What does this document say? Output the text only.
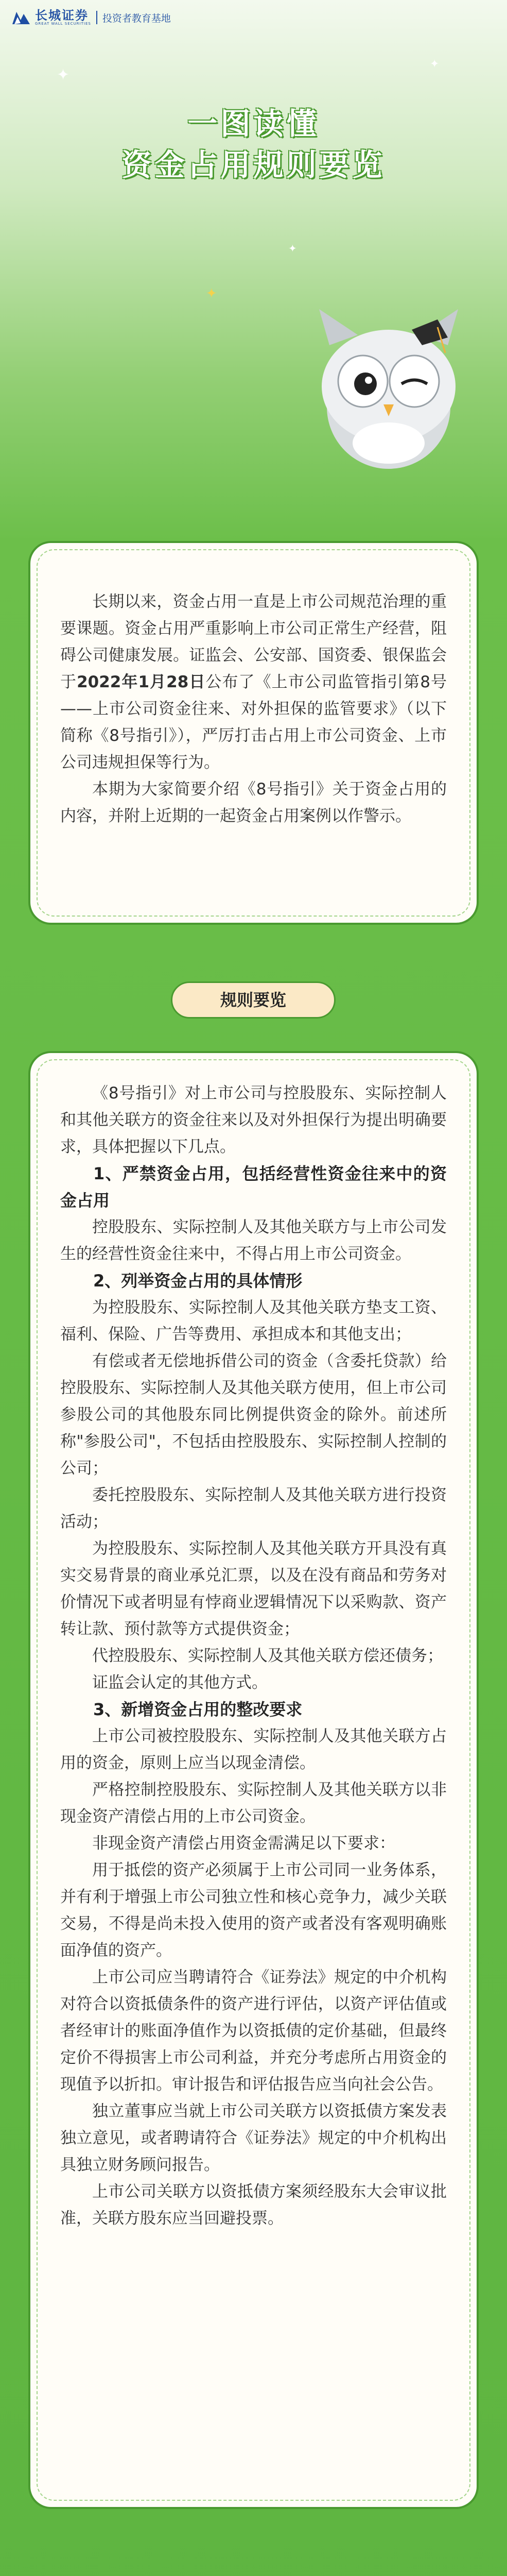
长城证券
GREAT WALL SECURITIES 投资者教育基地
✦
✦
✦
✦
一图读懂
资金占用规则要览

长期以来，资金占用一直是上市公司规范治理的重要课题。资金占用严重影响上市公司正常生产经营，阻碍公司健康发展。证监会、公安部、国资委、银保监会于2022年1月28日公布了《上市公司监管指引第8号——上市公司资金往来、对外担保的监管要求》（以下简称《8号指引》），严厉打击占用上市公司资金、上市公司违规担保等行为。

本期为大家简要介绍《8号指引》关于资金占用的内容，并附上近期的一起资金占用案例以作警示。

规则要览

《8号指引》对上市公司与控股股东、实际控制人和其他关联方的资金往来以及对外担保行为提出明确要求，具体把握以下几点。

1、严禁资金占用，包括经营性资金往来中的资金占用

控股股东、实际控制人及其他关联方与上市公司发生的经营性资金往来中，不得占用上市公司资金。

2、列举资金占用的具体情形

为控股股东、实际控制人及其他关联方垫支工资、福利、保险、广告等费用、承担成本和其他支出；

有偿或者无偿地拆借公司的资金（含委托贷款）给控股股东、实际控制人及其他关联方使用，但上市公司参股公司的其他股东同比例提供资金的除外。前述所称"参股公司"，不包括由控股股东、实际控制人控制的公司；

委托控股股东、实际控制人及其他关联方进行投资活动；

为控股股东、实际控制人及其他关联方开具没有真实交易背景的商业承兑汇票，以及在没有商品和劳务对价情况下或者明显有悖商业逻辑情况下以采购款、资产转让款、预付款等方式提供资金；

代控股股东、实际控制人及其他关联方偿还债务；

证监会认定的其他方式。

3、新增资金占用的整改要求

上市公司被控股股东、实际控制人及其他关联方占用的资金，原则上应当以现金清偿。

严格控制控股股东、实际控制人及其他关联方以非现金资产清偿占用的上市公司资金。

非现金资产清偿占用资金需满足以下要求：

用于抵偿的资产必须属于上市公司同一业务体系，并有利于增强上市公司独立性和核心竞争力，减少关联交易，不得是尚未投入使用的资产或者没有客观明确账面净值的资产。

上市公司应当聘请符合《证券法》规定的中介机构对符合以资抵债条件的资产进行评估，以资产评估值或者经审计的账面净值作为以资抵债的定价基础，但最终定价不得损害上市公司利益，并充分考虑所占用资金的现值予以折扣。审计报告和评估报告应当向社会公告。

独立董事应当就上市公司关联方以资抵债方案发表独立意见，或者聘请符合《证券法》规定的中介机构出具独立财务顾问报告。

上市公司关联方以资抵债方案须经股东大会审议批准，关联方股东应当回避投票。
